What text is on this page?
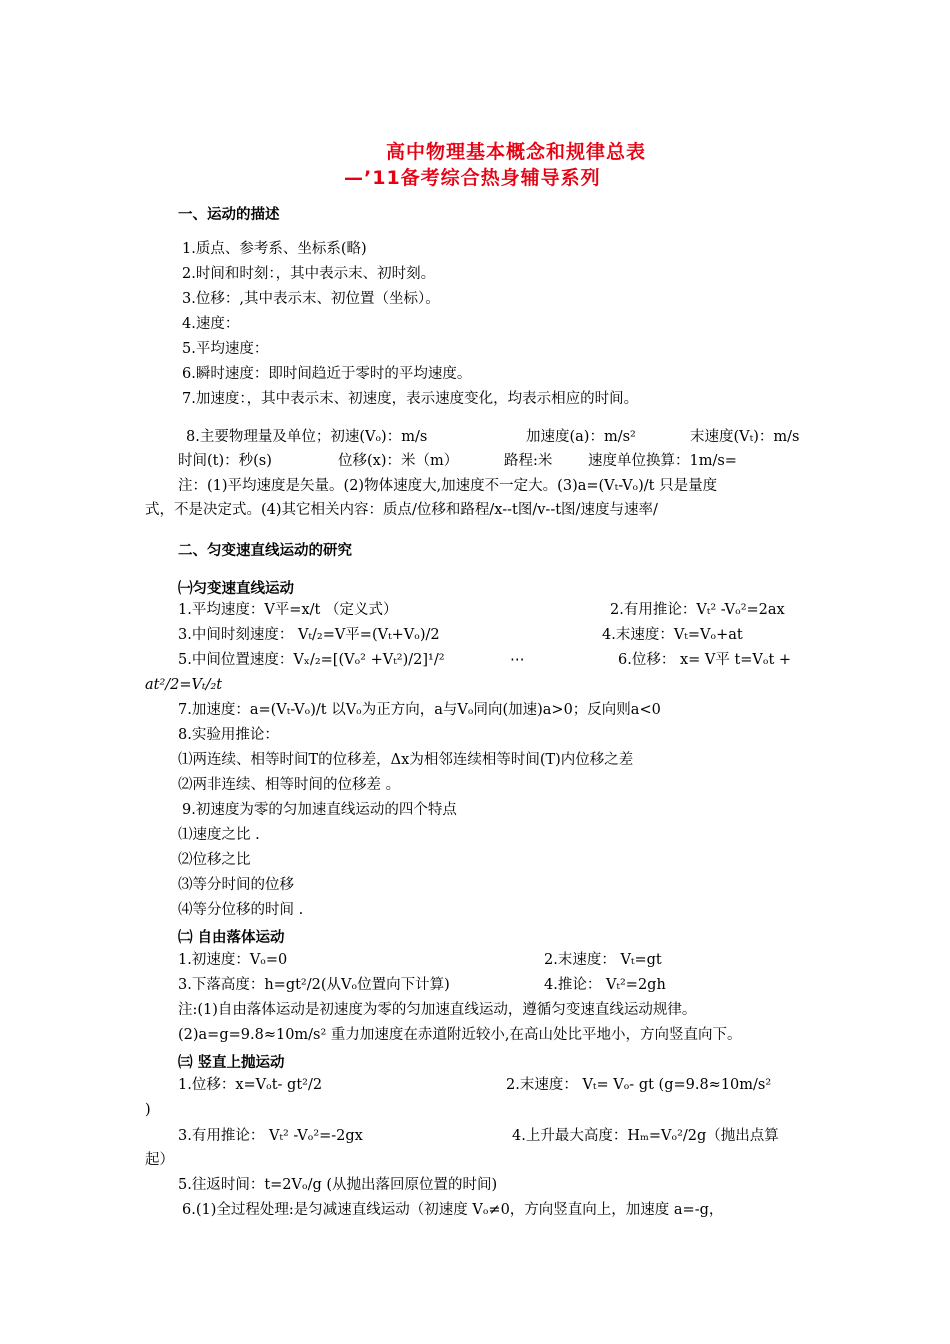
高中物理基本概念和规律总表
—’11备考综合热身辅导系列
一、运动的描述
1.质点、参考系、坐标系(略)
2.时间和时刻：，其中表示末、初时刻。
3.位移：,其中表示末、初位置（坐标）。
4.速度：
5.平均速度：
6.瞬时速度：即时间趋近于零时的平均速度。
7.加速度：，其中表示末、初速度，表示速度变化，均表示相应的时间。
8.主要物理量及单位；初速(Vₒ)：m/s	加速度(a)：m/s²	末速度(Vₜ)：m/s
时间(t)：秒(s)	位移(x)：米（m）	路程:米 速度单位换算：1m/s=
注：(1)平均速度是矢量。(2)物体速度大,加速度不一定大。(3)a=(Vₜ-Vₒ)/t 只是量度
式，不是决定式。(4)其它相关内容：质点/位移和路程/x--t图/v--t图/速度与速率/
二、匀变速直线运动的研究
㈠匀变速直线运动
1.平均速度：V平=x/t （定义式）	2.有用推论：Vₜ² -Vₒ²=2ax
3.中间时刻速度： Vₜ/₂=V平=(Vₜ+Vₒ)/2	4.末速度：Vₜ=Vₒ+at
5.中间位置速度：Vₓ/₂=[(Vₒ² +Vₜ²)/2]¹/²	⋯	6.位移： x= V平 t=Vₒt +
at²/2=Vₜ/₂t
7.加速度：a=(Vₜ-Vₒ)/t 以Vₒ为正方向，a与Vₒ同向(加速)a>0；反向则a<0
8.实验用推论：
⑴两连续、相等时间T的位移差，Δx为相邻连续相等时间(T)内位移之差
⑵两非连续、相等时间的位移差 。
9.初速度为零的匀加速直线运动的四个特点
⑴速度之比 .
⑵位移之比
⑶等分时间的位移
⑷等分位移的时间 .
㈡ 自由落体运动
1.初速度：Vₒ=0	2.末速度： Vₜ=gt
3.下落高度：h=gt²/2(从Vₒ位置向下计算)	4.推论： Vₜ²=2gh
注:(1)自由落体运动是初速度为零的匀加速直线运动，遵循匀变速直线运动规律。
(2)a=g=9.8≈10m/s² 重力加速度在赤道附近较小,在高山处比平地小，方向竖直向下。
㈢ 竖直上抛运动
1.位移：x=Vₒt- gt²/2	2.末速度： Vₜ= Vₒ- gt (g=9.8≈10m/s²
)
3.有用推论： Vₜ² -Vₒ²=-2gx	4.上升最大高度：Hₘ=Vₒ²/2g（抛出点算
起）
5.往返时间：t=2Vₒ/g (从抛出落回原位置的时间)
6.(1)全过程处理:是匀减速直线运动（初速度 Vₒ≠0，方向竖直向上，加速度 a=-g，
